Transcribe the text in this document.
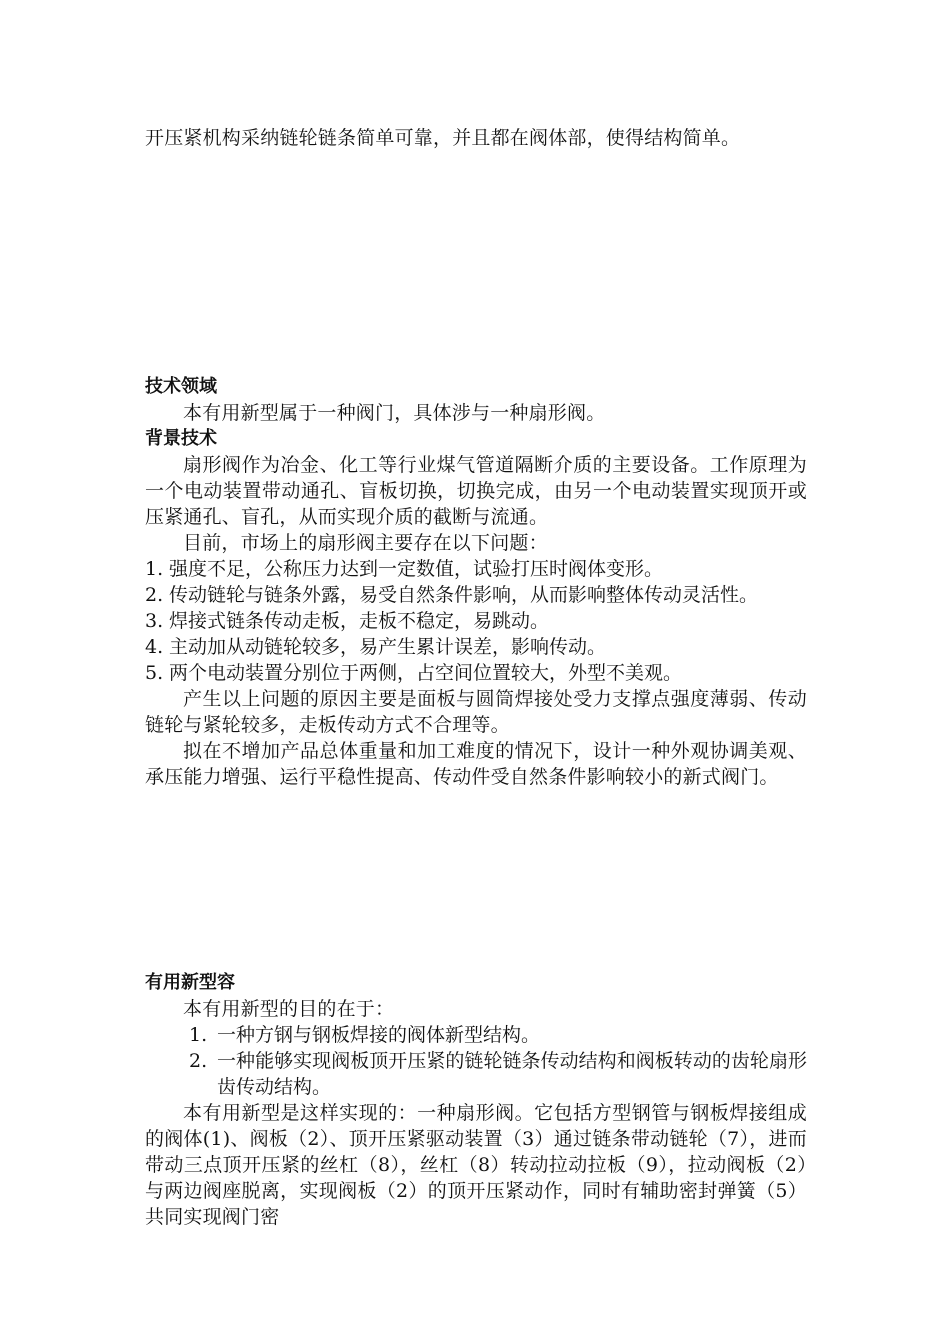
开压紧机构采纳链轮链条简单可靠，并且都在阀体部，使得结构简单。

技术领域

本有用新型属于一种阀门，具体涉与一种扇形阀。

背景技术

扇形阀作为冶金、化工等行业煤气管道隔断介质的主要设备。工作原理为一个电动装置带动通孔、盲板切换，切换完成，由另一个电动装置实现顶开或压紧通孔、盲孔，从而实现介质的截断与流通。

目前，市场上的扇形阀主要存在以下问题：

1. 强度不足，公称压力达到一定数值，试验打压时阀体变形。
2. 传动链轮与链条外露，易受自然条件影响，从而影响整体传动灵活性。
3. 焊接式链条传动走板，走板不稳定，易跳动。
4. 主动加从动链轮较多，易产生累计误差，影响传动。
5. 两个电动装置分别位于两侧，占空间位置较大，外型不美观。

产生以上问题的原因主要是面板与圆筒焊接处受力支撑点强度薄弱、传动链轮与紧轮较多，走板传动方式不合理等。

拟在不增加产品总体重量和加工难度的情况下，设计一种外观协调美观、承压能力增强、运行平稳性提高、传动件受自然条件影响较小的新式阀门。

有用新型容

本有用新型的目的在于：

1. 一种方钢与钢板焊接的阀体新型结构。
2. 一种能够实现阀板顶开压紧的链轮链条传动结构和阀板转动的齿轮扇形齿传动结构。

本有用新型是这样实现的：一种扇形阀。它包括方型钢管与钢板焊接组成的阀体(1)、阀板（2）、顶开压紧驱动装置（3）通过链条带动链轮（7），进而带动三点顶开压紧的丝杠（8），丝杠（8）转动拉动拉板（9），拉动阀板（2）与两边阀座脱离，实现阀板（2）的顶开压紧动作，同时有辅助密封弹簧（5）共同实现阀门密
